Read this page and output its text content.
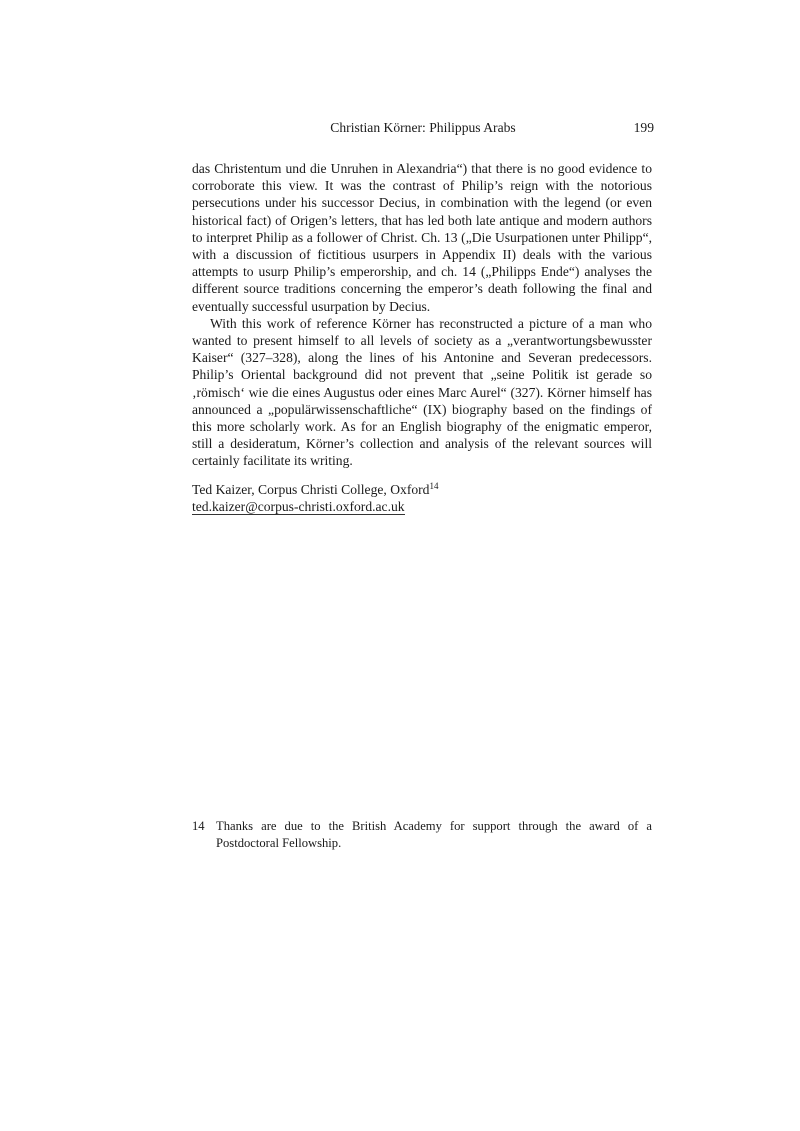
Christian Körner: Philippus Arabs	199

das Christentum und die Unruhen in Alexandria“) that there is no good evidence to corroborate this view. It was the contrast of Philip’s reign with the notorious persecutions under his successor Decius, in combination with the legend (or even historical fact) of Origen’s letters, that has led both late antique and modern authors to interpret Philip as a follower of Christ. Ch. 13 („Die Usurpationen unter Philipp“, with a discussion of fictitious usurpers in Appendix II) deals with the various attempts to usurp Philip’s emperorship, and ch. 14 („Philipps Ende“) analyses the different source traditions concerning the emperor’s death following the final and eventually successful usurpation by Decius.

With this work of reference Körner has reconstructed a picture of a man who wanted to present himself to all levels of society as a „verantwortungsbewusster Kaiser“ (327–328), along the lines of his Antonine and Severan predecessors. Philip’s Oriental background did not prevent that „seine Politik ist gerade so ‚römisch‘ wie die eines Augustus oder eines Marc Aurel“ (327). Körner himself has announced a „populärwissenschaftliche“ (IX) biography based on the findings of this more scholarly work. As for an English biography of the enigmatic emperor, still a desideratum, Körner’s collection and analysis of the relevant sources will certainly facilitate its writing.

Ted Kaizer, Corpus Christi College, Oxford$^{14}$
ted.kaizer@corpus-christi.oxford.ac.uk
14 Thanks are due to the British Academy for support through the award of a Postdoctoral Fellowship.
